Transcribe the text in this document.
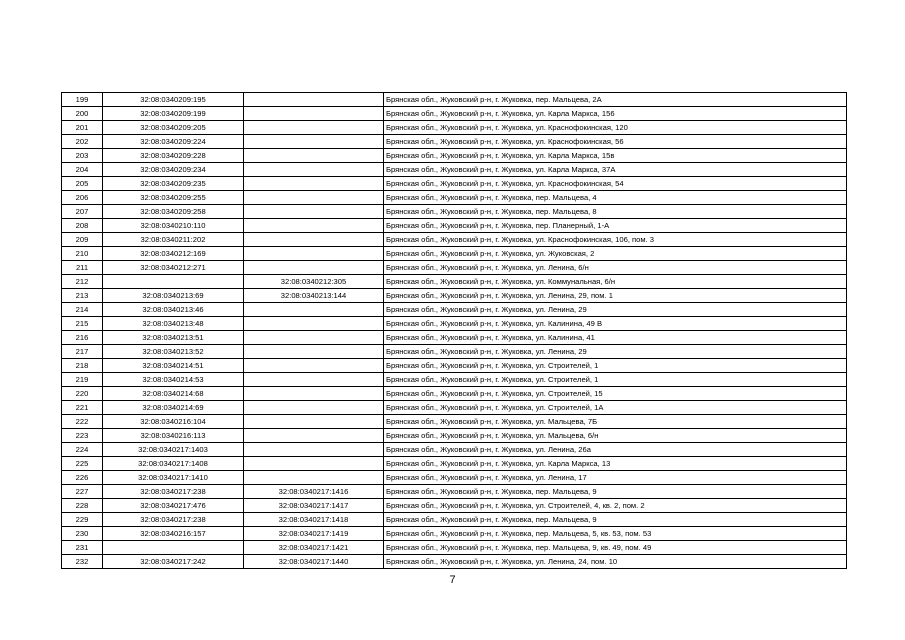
199	32:08:0340209:195		Брянская обл., Жуковский р-н, г. Жуковка, пер. Мальцева, 2А
200	32:08:0340209:199		Брянская обл., Жуковский р-н, г. Жуковка, ул. Карла Маркса, 156
201	32:08:0340209:205		Брянская обл., Жуковский р-н, г. Жуковка, ул. Краснофокинская, 120
202	32:08:0340209:224		Брянская обл., Жуковский р-н, г. Жуковка, ул. Краснофокинская, 56
203	32:08:0340209:228		Брянская обл., Жуковский р-н, г. Жуковка, ул. Карла Маркса, 15в
204	32:08:0340209:234		Брянская обл., Жуковский р-н, г. Жуковка, ул. Карла Маркса, 37А
205	32:08:0340209:235		Брянская обл., Жуковский р-н, г. Жуковка, ул. Краснофокинская, 54
206	32:08:0340209:255		Брянская обл., Жуковский р-н, г. Жуковка, пер. Мальцева, 4
207	32:08:0340209:258		Брянская обл., Жуковский р-н, г. Жуковка, пер. Мальцева, 8
208	32:08:0340210:110		Брянская обл., Жуковский р-н, г. Жуковка, пер. Планерный, 1-А
209	32:08:0340211:202		Брянская обл., Жуковский р-н, г. Жуковка, ул. Краснофокинская, 106, пом. 3
210	32:08:0340212:169		Брянская обл., Жуковский р-н, г. Жуковка, ул. Жуковская, 2
211	32:08:0340212:271		Брянская обл., Жуковский р-н, г. Жуковка, ул. Ленина, 6/н
212		32:08:0340212:305	Брянская обл., Жуковский р-н, г. Жуковка, ул. Коммунальная, 6/н
213	32:08:0340213:69	32:08:0340213:144	Брянская обл., Жуковский р-н, г. Жуковка, ул. Ленина, 29, пом. 1
214	32:08:0340213:46		Брянская обл., Жуковский р-н, г. Жуковка, ул. Ленина, 29
215	32:08:0340213:48		Брянская обл., Жуковский р-н, г. Жуковка, ул. Калинина, 49 В
216	32:08:0340213:51		Брянская обл., Жуковский р-н, г. Жуковка, ул. Калинина, 41
217	32:08:0340213:52		Брянская обл., Жуковский р-н, г. Жуковка, ул. Ленина, 29
218	32:08:0340214:51		Брянская обл., Жуковский р-н, г. Жуковка, ул. Строителей, 1
219	32:08:0340214:53		Брянская обл., Жуковский р-н, г. Жуковка, ул. Строителей, 1
220	32:08:0340214:68		Брянская обл., Жуковский р-н, г. Жуковка, ул. Строителей, 15
221	32:08:0340214:69		Брянская обл., Жуковский р-н, г. Жуковка, ул. Строителей, 1А
222	32:08:0340216:104		Брянская обл., Жуковский р-н, г. Жуковка, ул. Мальцева, 7Б
223	32:08:0340216:113		Брянская обл., Жуковский р-н, г. Жуковка, ул. Мальцева, 6/н
224	32:08:0340217:1403		Брянская обл., Жуковский р-н, г. Жуковка, ул. Ленина, 26а
225	32:08:0340217:1408		Брянская обл., Жуковский р-н, г. Жуковка, ул. Карла Маркса, 13
226	32:08:0340217:1410		Брянская обл., Жуковский р-н, г. Жуковка, ул. Ленина, 17
227	32:08:0340217:238	32:08:0340217:1416	Брянская обл., Жуковский р-н, г. Жуковка, пер. Мальцева, 9
228	32:08:0340217:476	32:08:0340217:1417	Брянская обл., Жуковский р-н, г. Жуковка, ул. Строителей, 4, кв. 2, пом. 2
229	32:08:0340217:238	32:08:0340217:1418	Брянская обл., Жуковский р-н, г. Жуковка, пер. Мальцева, 9
230	32:08:0340216:157	32:08:0340217:1419	Брянская обл., Жуковский р-н, г. Жуковка, пер. Мальцева, 5, кв. 53, пом. 53
231		32:08:0340217:1421	Брянская обл., Жуковский р-н, г. Жуковка, пер. Мальцева, 9, кв. 49, пом. 49
232	32:08:0340217:242	32:08:0340217:1440	Брянская обл., Жуковский р-н, г. Жуковка, ул. Ленина, 24, пом. 10
7
